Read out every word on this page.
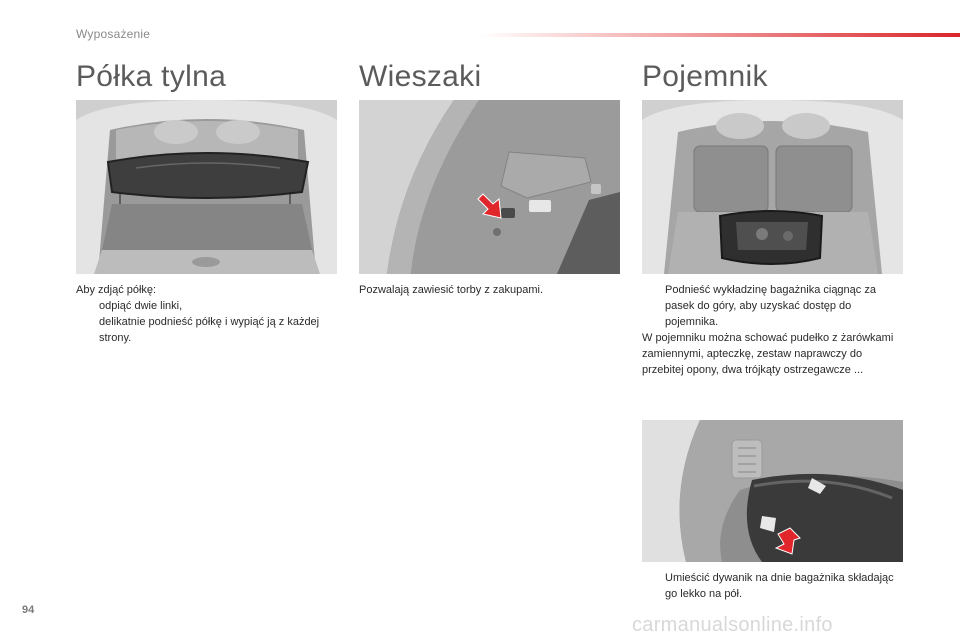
Wyposażenie
Półka tylna
Aby zdjąć półkę:
odpiąć dwie linki,
delikatnie podnieść półkę i wypiąć ją z każdej strony.
Wieszaki
Pozwalają zawiesić torby z zakupami.
Pojemnik
Podnieść wykładzinę bagażnika ciągnąc za pasek do góry, aby uzyskać dostęp do pojemnika.
W pojemniku można schować pudełko z żarówkami zamiennymi, apteczkę, zestaw naprawczy do przebitej opony, dwa trójkąty ostrzegawcze ...
Umieścić dywanik na dnie bagażnika składając go lekko na pół.
94
carmanualsonline.info
